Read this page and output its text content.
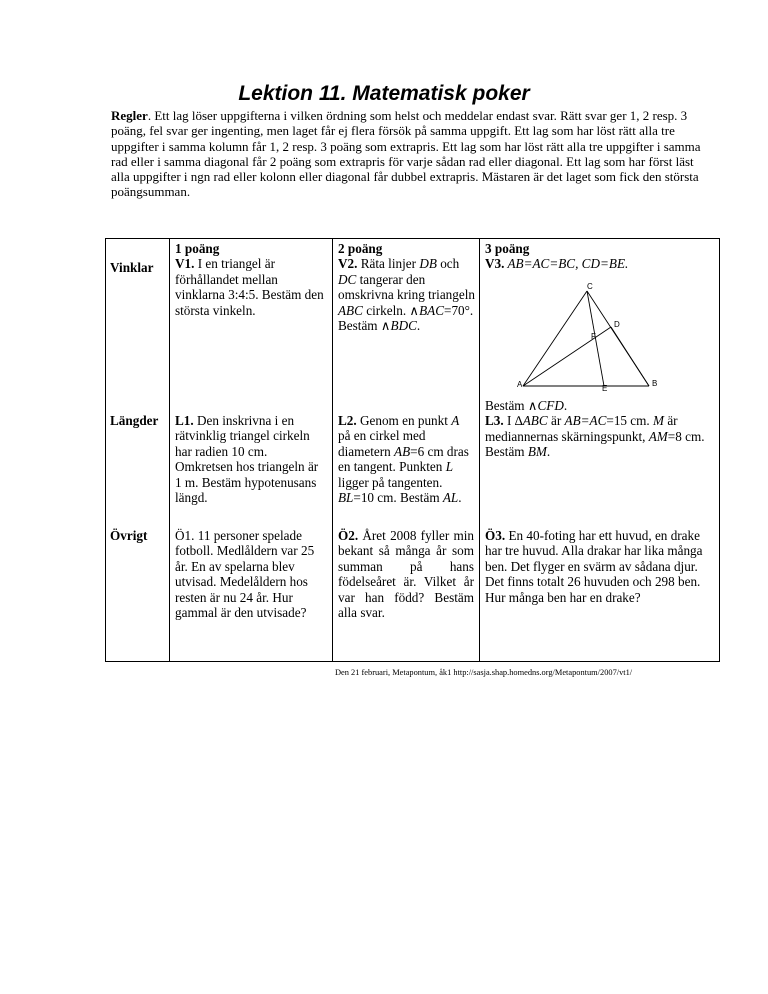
Lektion 11. Matematisk poker

Regler. Ett lag löser uppgifterna i vilken ördning som helst och meddelar endast svar. Rätt svar ger 1, 2 resp. 3 poäng, fel svar ger ingenting, men laget får ej flera försök på samma uppgift. Ett lag som har löst rätt alla tre uppgifter i samma kolumn får 1, 2 resp. 3 poäng som extrapris. Ett lag som har löst rätt alla tre uppgifter i samma rad eller i samma diagonal får 2 poäng som extrapris för varje sådan rad eller diagonal. Ett lag som har först läst alla uppgifter i ngn rad eller kolonn eller diagonal får dubbel extrapris. Mästaren är det laget som fick den största poängsumman.

Vinklar
Längder
Övrigt
1 poäng
V1. I en triangel är förhållandet mellan vinklarna 3:4:5. Bestäm den största vinkeln.
L1. Den inskrivna i en rätvinklig triangel cirkeln har radien 10 cm. Omkretsen hos triangeln är 1 m. Bestäm hypotenusans längd.
Ö1. 11 personer spelade fotboll. Medlåldern var 25 år. En av spelarna blev utvisad. Medelåldern hos resten är nu 24 år. Hur gammal är den utvisade?
2 poäng
V2. Räta linjer DB och DC tangerar den omskrivna kring triangeln ABC cirkeln. ∧BAC=70°. Bestäm ∧BDC.
L2. Genom en punkt A på en cirkel med diametern AB=6 cm dras en tangent. Punkten L ligger på tangenten. BL=10 cm. Bestäm AL.
Ö2. Året 2008 fyller min bekant så många år som summan på hans födelseåret är. Vilket år var han född? Bestäm alla svar.
3 poäng
V3. AB=AC=BC, CD=BE.
C
D
F
A	E
B
Bestäm ∧CFD.
L3. I ∆ABC är AB=AC=15 cm. M är mediannernas skärningspunkt, AM=8 cm. Bestäm BM.
Ö3. En 40-foting har ett huvud, en drake har tre huvud. Alla drakar har lika många ben. Det flyger en svärm av sådana djur. Det finns totalt 26 huvuden och 298 ben. Hur många ben har en drake?
Den 21 februari, Metapontum, åk1 http://sasja.shap.homedns.org/Metapontum/2007/vt1/
